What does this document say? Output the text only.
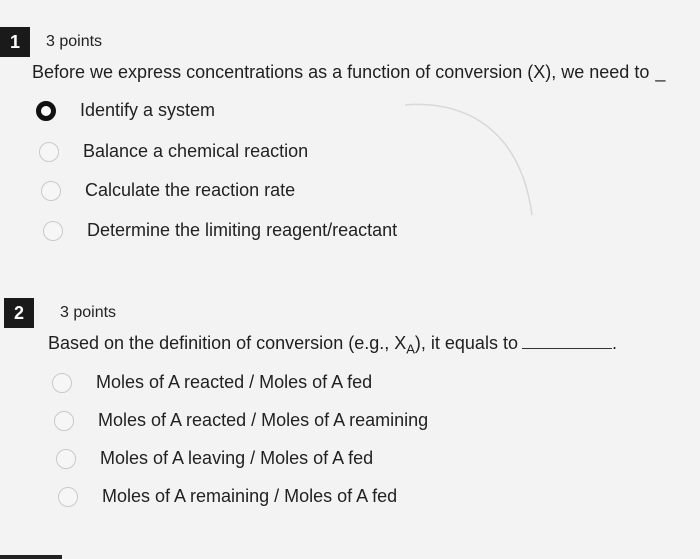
1 3 points
Before we express concentrations as a function of conversion (X), we need to _
Identify a system
Balance a chemical reaction
Calculate the reaction rate
Determine the limiting reagent/reactant
2 3 points
Based on the definition of conversion (e.g., $X_A$), it equals to	.
Moles of A reacted / Moles of A fed
Moles of A reacted / Moles of A reamining
Moles of A leaving / Moles of A fed
Moles of A remaining / Moles of A fed
